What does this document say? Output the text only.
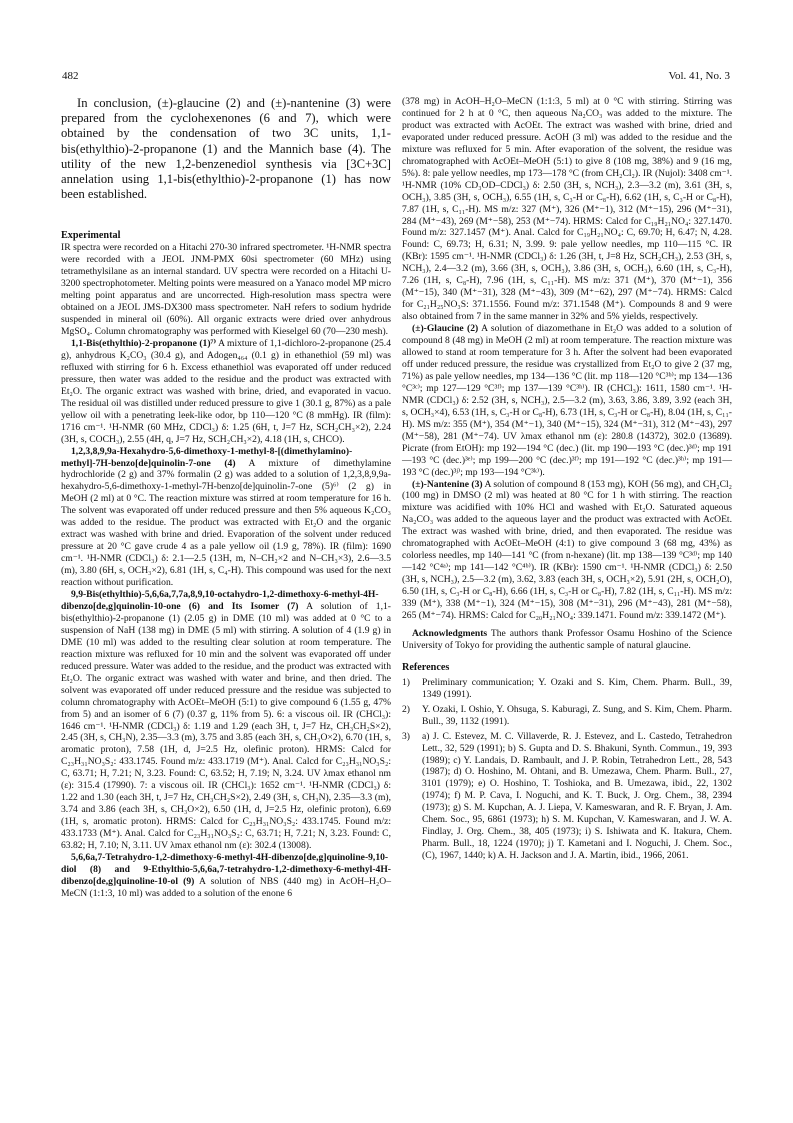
482	Vol. 41, No. 3

In conclusion, (±)-glaucine (2) and (±)-nantenine (3) were prepared from the cyclohexenones (6 and 7), which were obtained by the condensation of two 3C units, 1,1-bis(ethylthio)-2-propanone (1) and the Mannich base (4). The utility of the new 1,2-benzenediol synthesis via [3C+3C] annelation using 1,1-bis(ethylthio)-2-propanone (1) has now been established.

Experimental

IR spectra were recorded on a Hitachi 270-30 infrared spectrometer. ¹H-NMR spectra were recorded with a JEOL JNM-PMX 60si spectrometer (60 MHz) using tetramethylsilane as an internal standard. UV spectra were recorded on a Hitachi U-3200 spectrophotometer. Melting points were measured on a Yanaco model MP micro melting point apparatus and are uncorrected. High-resolution mass spectra were obtained on a JEOL JMS-DX300 mass spectrometer. NaH refers to sodium hydride suspended in mineral oil (60%). All organic extracts were dried over anhydrous MgSO₄. Column chromatography was performed with Kieselgel 60 (70—230 mesh).

1,1-Bis(ethylthio)-2-propanone (1)⁷⁾ A mixture of 1,1-dichloro-2-propanone (25.4 g), anhydrous K₂CO₃ (30.4 g), and Adogen₄₆₄ (0.1 g) in ethanethiol (59 ml) was refluxed with stirring for 6 h. Excess ethanethiol was evaporated off under reduced pressure, then water was added to the residue and the product was extracted with Et₂O. The organic extract was washed with brine, dried, and evaporated in vacuo. The residual oil was distilled under reduced pressure to give 1 (30.1 g, 87%) as a pale yellow oil with a penetrating leek-like odor, bp 110—120 °C (8 mmHg). IR (film): 1716 cm⁻¹. ¹H-NMR (60 MHz, CDCl₃) δ: 1.25 (6H, t, J=7 Hz, SCH₂CH₃×2), 2.24 (3H, s, COCH₃), 2.55 (4H, q, J=7 Hz, SCH₂CH₃×2), 4.18 (1H, s, CHCO).

1,2,3,8,9,9a-Hexahydro-5,6-dimethoxy-1-methyl-8-[(dimethylamino)-methyl]-7H-benzo[de]quinolin-7-one (4) A mixture of dimethylamine hydrochloride (2 g) and 37% formalin (2 g) was added to a solution of 1,2,3,8,9,9a-hexahydro-5,6-dimethoxy-1-methyl-7H-benzo[de]quinolin-7-one (5)⁶⁾ (2 g) in MeOH (2 ml) at 0 °C. The reaction mixture was stirred at room temperature for 16 h. The solvent was evaporated off under reduced pressure and then 5% aqueous K₂CO₃ was added to the residue. The product was extracted with Et₂O and the organic extract was washed with brine and dried. Evaporation of the solvent under reduced pressure at 20 °C gave crude 4 as a pale yellow oil (1.9 g, 78%). IR (film): 1690 cm⁻¹. ¹H-NMR (CDCl₃) δ: 2.1—2.5 (13H, m, N–CH₂×2 and N–CH₃×3), 2.6—3.5 (m), 3.80 (6H, s, OCH₃×2), 6.81 (1H, s, C₄-H). This compound was used for the next reaction without purification.

9,9-Bis(ethylthio)-5,6,6a,7,7a,8,9,10-octahydro-1,2-dimethoxy-6-methyl-4H-dibenzo[de,g]quinolin-10-one (6) and Its Isomer (7) A solution of 1,1-bis(ethylthio)-2-propanone (1) (2.05 g) in DME (10 ml) was added at 0 °C to a suspension of NaH (138 mg) in DME (5 ml) with stirring. A solution of 4 (1.9 g) in DME (10 ml) was added to the resulting clear solution at room temperature. The reaction mixture was refluxed for 10 min and the solvent was evaporated off under reduced pressure. Water was added to the residue, and the product was extracted with Et₂O. The organic extract was washed with water and brine, and then dried. The solvent was evaporated off under reduced pressure and the residue was subjected to column chromatography with AcOEt–MeOH (5:1) to give compound 6 (1.55 g, 47% from 5) and an isomer of 6 (7) (0.37 g, 11% from 5). 6: a viscous oil. IR (CHCl₃): 1646 cm⁻¹. ¹H-NMR (CDCl₃) δ: 1.19 and 1.29 (each 3H, t, J=7 Hz, CH₃CH₂S×2), 2.45 (3H, s, CH₃N), 2.35—3.3 (m), 3.75 and 3.85 (each 3H, s, CH₃O×2), 6.70 (1H, s, aromatic proton), 7.58 (1H, d, J=2.5 Hz, olefinic proton). HRMS: Calcd for C₂₃H₃₁NO₃S₂: 433.1745. Found m/z: 433.1719 (M⁺). Anal. Calcd for C₂₃H₃₁NO₃S₂: C, 63.71; H, 7.21; N, 3.23. Found: C, 63.52; H, 7.19; N, 3.24. UV λmax ethanol nm (ε): 315.4 (17990). 7: a viscous oil. IR (CHCl₃): 1652 cm⁻¹. ¹H-NMR (CDCl₃) δ: 1.22 and 1.30 (each 3H, t, J=7 Hz, CH₃CH₂S×2), 2.49 (3H, s, CH₃N), 2.35—3.3 (m), 3.74 and 3.86 (each 3H, s, CH₃O×2), 6.50 (1H, d, J=2.5 Hz, olefinic proton), 6.69 (1H, s, aromatic proton). HRMS: Calcd for C₂₃H₃₁NO₃S₂: 433.1745. Found m/z: 433.1733 (M⁺). Anal. Calcd for C₂₃H₃₁NO₃S₂: C, 63.71; H, 7.21; N, 3.23. Found: C, 63.82; H, 7.10; N, 3.11. UV λmax ethanol nm (ε): 302.4 (13008).

5,6,6a,7-Tetrahydro-1,2-dimethoxy-6-methyl-4H-dibenzo[de,g]quinoline-9,10-diol (8) and 9-Ethylthio-5,6,6a,7-tetrahydro-1,2-dimethoxy-6-methyl-4H-dibenzo[de,g]quinoline-10-ol (9) A solution of NBS (440 mg) in AcOH–H₂O–MeCN (1:1:3, 10 ml) was added to a solution of the enone 6

(378 mg) in AcOH–H₂O–MeCN (1:1:3, 5 ml) at 0 °C with stirring. Stirring was continued for 2 h at 0 °C, then aqueous Na₂CO₃ was added to the mixture. The product was extracted with AcOEt. The extract was washed with brine, dried and evaporated under reduced pressure. AcOH (3 ml) was added to the residue and the mixture was refluxed for 5 min. After evaporation of the solvent, the residue was chromatographed with AcOEt–MeOH (5:1) to give 8 (108 mg, 38%) and 9 (16 mg, 5%). 8: pale yellow needles, mp 173—178 °C (from CH₂Cl₂). IR (Nujol): 3408 cm⁻¹. ¹H-NMR (10% CD₃OD–CDCl₃) δ: 2.50 (3H, s, NCH₃), 2.3—3.2 (m), 3.61 (3H, s, OCH₃), 3.85 (3H, s, OCH₃), 6.55 (1H, s, C₃-H or C₈-H), 6.62 (1H, s, C₃-H or C₈-H), 7.87 (1H, s, C₁₁-H). MS m/z: 327 (M⁺), 326 (M⁺−1), 312 (M⁺−15), 296 (M⁺−31), 284 (M⁺−43), 269 (M⁺−58), 253 (M⁺−74). HRMS: Calcd for C₁₉H₂₁NO₄: 327.1470. Found m/z: 327.1457 (M⁺). Anal. Calcd for C₁₉H₂₁NO₄: C, 69.70; H, 6.47; N, 4.28. Found: C, 69.73; H, 6.31; N, 3.99. 9: pale yellow needles, mp 110—115 °C. IR (KBr): 1595 cm⁻¹. ¹H-NMR (CDCl₃) δ: 1.26 (3H, t, J=8 Hz, SCH₂CH₃), 2.53 (3H, s, NCH₃), 2.4—3.2 (m), 3.66 (3H, s, OCH₃), 3.86 (3H, s, OCH₃), 6.60 (1H, s, C₃-H), 7.26 (1H, s, C₈-H), 7.96 (1H, s, C₁₁-H). MS m/z: 371 (M⁺), 370 (M⁺−1), 356 (M⁺−15), 340 (M⁺−31), 328 (M⁺−43), 309 (M⁺−62), 297 (M⁺−74). HRMS: Calcd for C₂₁H₂₅NO₃S: 371.1556. Found m/z: 371.1548 (M⁺). Compounds 8 and 9 were also obtained from 7 in the same manner in 32% and 5% yields, respectively.

(±)-Glaucine (2) A solution of diazomethane in Et₂O was added to a solution of compound 8 (48 mg) in MeOH (2 ml) at room temperature. The reaction mixture was allowed to stand at room temperature for 3 h. After the solvent had been evaporated off under reduced pressure, the residue was crystallized from Et₂O to give 2 (37 mg, 71%) as pale yellow needles, mp 134—136 °C (lit. mp 118—120 °C³ᵇ⁾; mp 134—136 °C³ᶜ⁾; mp 127—129 °C³ᶠ⁾; mp 137—139 °C³ʰ⁾). IR (CHCl₃): 1611, 1580 cm⁻¹. ¹H-NMR (CDCl₃) δ: 2.52 (3H, s, NCH₃), 2.5—3.2 (m), 3.63, 3.86, 3.89, 3.92 (each 3H, s, OCH₃×4), 6.53 (1H, s, C₃-H or C₈-H), 6.73 (1H, s, C₃-H or C₈-H), 8.04 (1H, s, C₁₁-H). MS m/z: 355 (M⁺), 354 (M⁺−1), 340 (M⁺−15), 324 (M⁺−31), 312 (M⁺−43), 297 (M⁺−58), 281 (M⁺−74). UV λmax ethanol nm (ε): 280.8 (14372), 302.0 (13689). Picrate (from EtOH): mp 192—194 °C (dec.) (lit. mp 190—193 °C (dec.)³ᵈ⁾; mp 191—193 °C (dec.)³ᵉ⁾; mp 199—200 °C (dec.)³ᶠ⁾; mp 191—192 °C (dec.)³ʰ⁾; mp 191— 193 °C (dec.)³ʲ⁾; mp 193—194 °C³ᵏ⁾).

(±)-Nantenine (3) A solution of compound 8 (153 mg), KOH (56 mg), and CH₂Cl₂ (100 mg) in DMSO (2 ml) was heated at 80 °C for 1 h with stirring. The reaction mixture was acidified with 10% HCl and washed with Et₂O. Saturated aqueous Na₂CO₃ was added to the aqueous layer and the product was extracted with AcOEt. The extract was washed with brine, dried, and then evaporated. The residue was chromatographed with AcOEt–MeOH (4:1) to give compound 3 (68 mg, 43%) as colorless needles, mp 140—141 °C (from n-hexane) (lit. mp 138—139 °C³ᵈ⁾; mp 140—142 °C⁴ᵃ⁾; mp 141—142 °C⁴ᵇ⁾). IR (KBr): 1590 cm⁻¹. ¹H-NMR (CDCl₃) δ: 2.50 (3H, s, NCH₃), 2.5—3.2 (m), 3.62, 3.83 (each 3H, s, OCH₃×2), 5.91 (2H, s, OCH₂O), 6.50 (1H, s, C₃-H or C₈-H), 6.66 (1H, s, C₃-H or C₈-H), 7.82 (1H, s, C₁₁-H). MS m/z: 339 (M⁺), 338 (M⁺−1), 324 (M⁺−15), 308 (M⁺−31), 296 (M⁺−43), 281 (M⁺−58), 265 (M⁺−74). HRMS: Calcd for C₂₀H₂₁NO₄: 339.1471. Found m/z: 339.1472 (M⁺).

Acknowledgments The authors thank Professor Osamu Hoshino of the Science University of Tokyo for providing the authentic sample of natural glaucine.

References
1)	Preliminary communication; Y. Ozaki and S. Kim, Chem. Pharm. Bull., 39, 1349 (1991).
2)	Y. Ozaki, I. Oshio, Y. Ohsuga, S. Kaburagi, Z. Sung, and S. Kim, Chem. Pharm. Bull., 39, 1132 (1991).
3)	a) J. C. Estevez, M. C. Villaverde, R. J. Estevez, and L. Castedo, Tetrahedron Lett., 32, 529 (1991); b) S. Gupta and D. S. Bhakuni, Synth. Commun., 19, 393 (1989); c) Y. Landais, D. Rambault, and J. P. Robin, Tetrahedron Lett., 28, 543 (1987); d) O. Hoshino, M. Ohtani, and B. Umezawa, Chem. Pharm. Bull., 27, 3101 (1979); e) O. Hoshino, T. Toshioka, and B. Umezawa, ibid., 22, 1302 (1974); f) M. P. Cava, I. Noguchi, and K. T. Buck, J. Org. Chem., 38, 2394 (1973); g) S. M. Kupchan, A. J. Liepa, V. Kameswaran, and R. F. Bryan, J. Am. Chem. Soc., 95, 6861 (1973); h) S. M. Kupchan, V. Kameswaran, and J. W. A. Findlay, J. Org. Chem., 38, 405 (1973); i) S. Ishiwata and K. Itakura, Chem. Pharm. Bull., 18, 1224 (1970); j) T. Kametani and I. Noguchi, J. Chem. Soc., (C), 1967, 1440; k) A. H. Jackson and J. A. Martin, ibid., 1966, 2061.
